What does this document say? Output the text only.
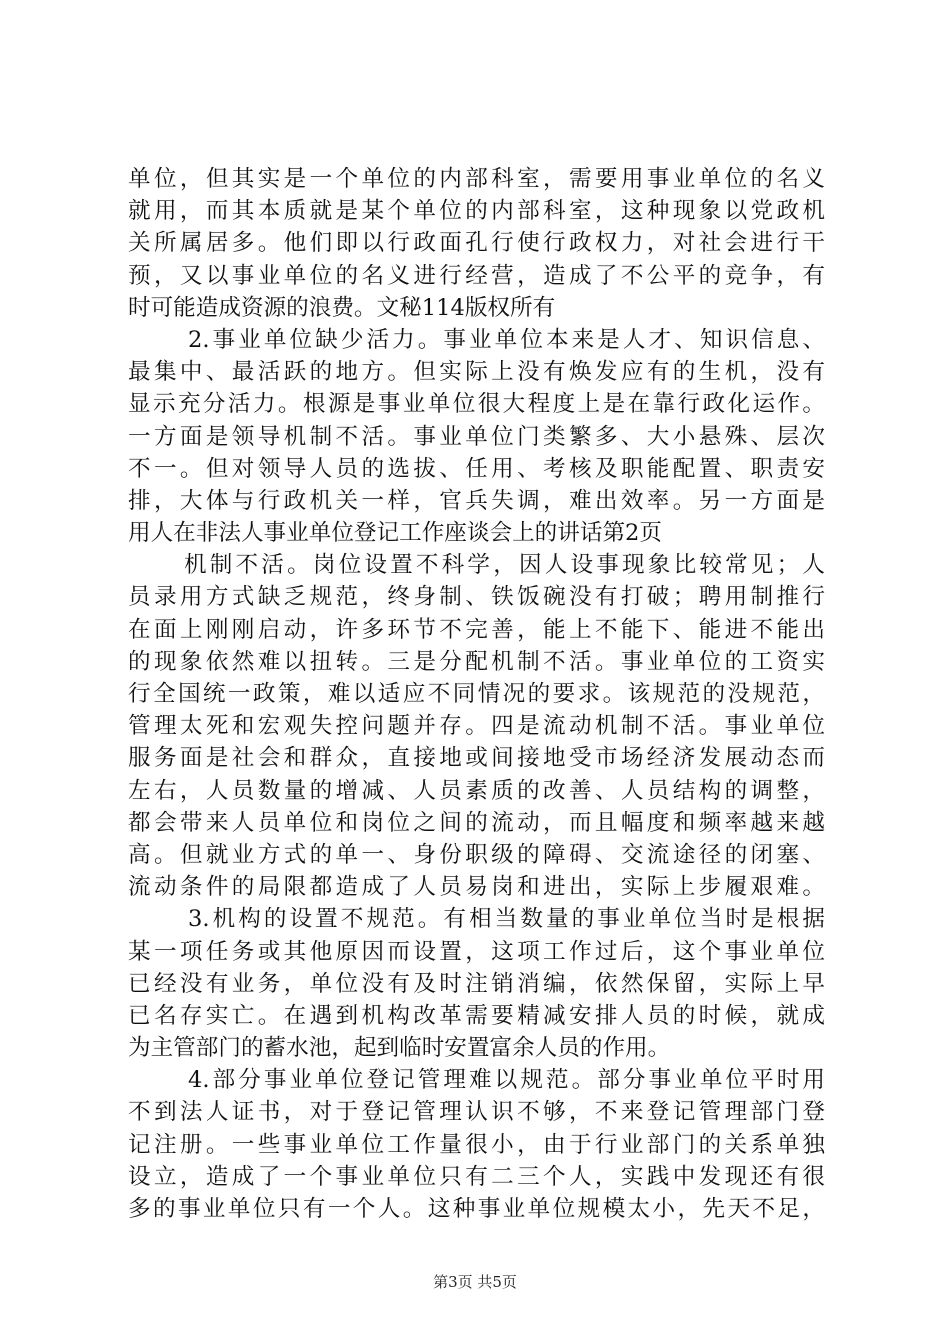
单位，但其实是一个单位的内部科室，需要用事业单位的名义
就用，而其本质就是某个单位的内部科室，这种现象以党政机
关所属居多。他们即以行政面孔行使行政权力，对社会进行干
预，又以事业单位的名义进行经营，造成了不公平的竞争，有
时可能造成资源的浪费。文秘114版权所有
2.事业单位缺少活力。事业单位本来是人才、知识信息、
最集中、最活跃的地方。但实际上没有焕发应有的生机，没有
显示充分活力。根源是事业单位很大程度上是在靠行政化运作。
一方面是领导机制不活。事业单位门类繁多、大小悬殊、层次
不一。但对领导人员的选拔、任用、考核及职能配置、职责安
排，大体与行政机关一样，官兵失调，难出效率。另一方面是
用人在非法人事业单位登记工作座谈会上的讲话第2页
机制不活。岗位设置不科学，因人设事现象比较常见；人
员录用方式缺乏规范，终身制、铁饭碗没有打破；聘用制推行
在面上刚刚启动，许多环节不完善，能上不能下、能进不能出
的现象依然难以扭转。三是分配机制不活。事业单位的工资实
行全国统一政策，难以适应不同情况的要求。该规范的没规范，
管理太死和宏观失控问题并存。四是流动机制不活。事业单位
服务面是社会和群众，直接地或间接地受市场经济发展动态而
左右，人员数量的增减、人员素质的改善、人员结构的调整，
都会带来人员单位和岗位之间的流动，而且幅度和频率越来越
高。但就业方式的单一、身份职级的障碍、交流途径的闭塞、
流动条件的局限都造成了人员易岗和进出，实际上步履艰难。
3.机构的设置不规范。有相当数量的事业单位当时是根据
某一项任务或其他原因而设置，这项工作过后，这个事业单位
已经没有业务，单位没有及时注销消编，依然保留，实际上早
已名存实亡。在遇到机构改革需要精减安排人员的时候，就成
为主管部门的蓄水池，起到临时安置富余人员的作用。
4.部分事业单位登记管理难以规范。部分事业单位平时用
不到法人证书，对于登记管理认识不够，不来登记管理部门登
记注册。一些事业单位工作量很小，由于行业部门的关系单独
设立，造成了一个事业单位只有二三个人，实践中发现还有很
多的事业单位只有一个人。这种事业单位规模太小，先天不足，
第3页 共5页
